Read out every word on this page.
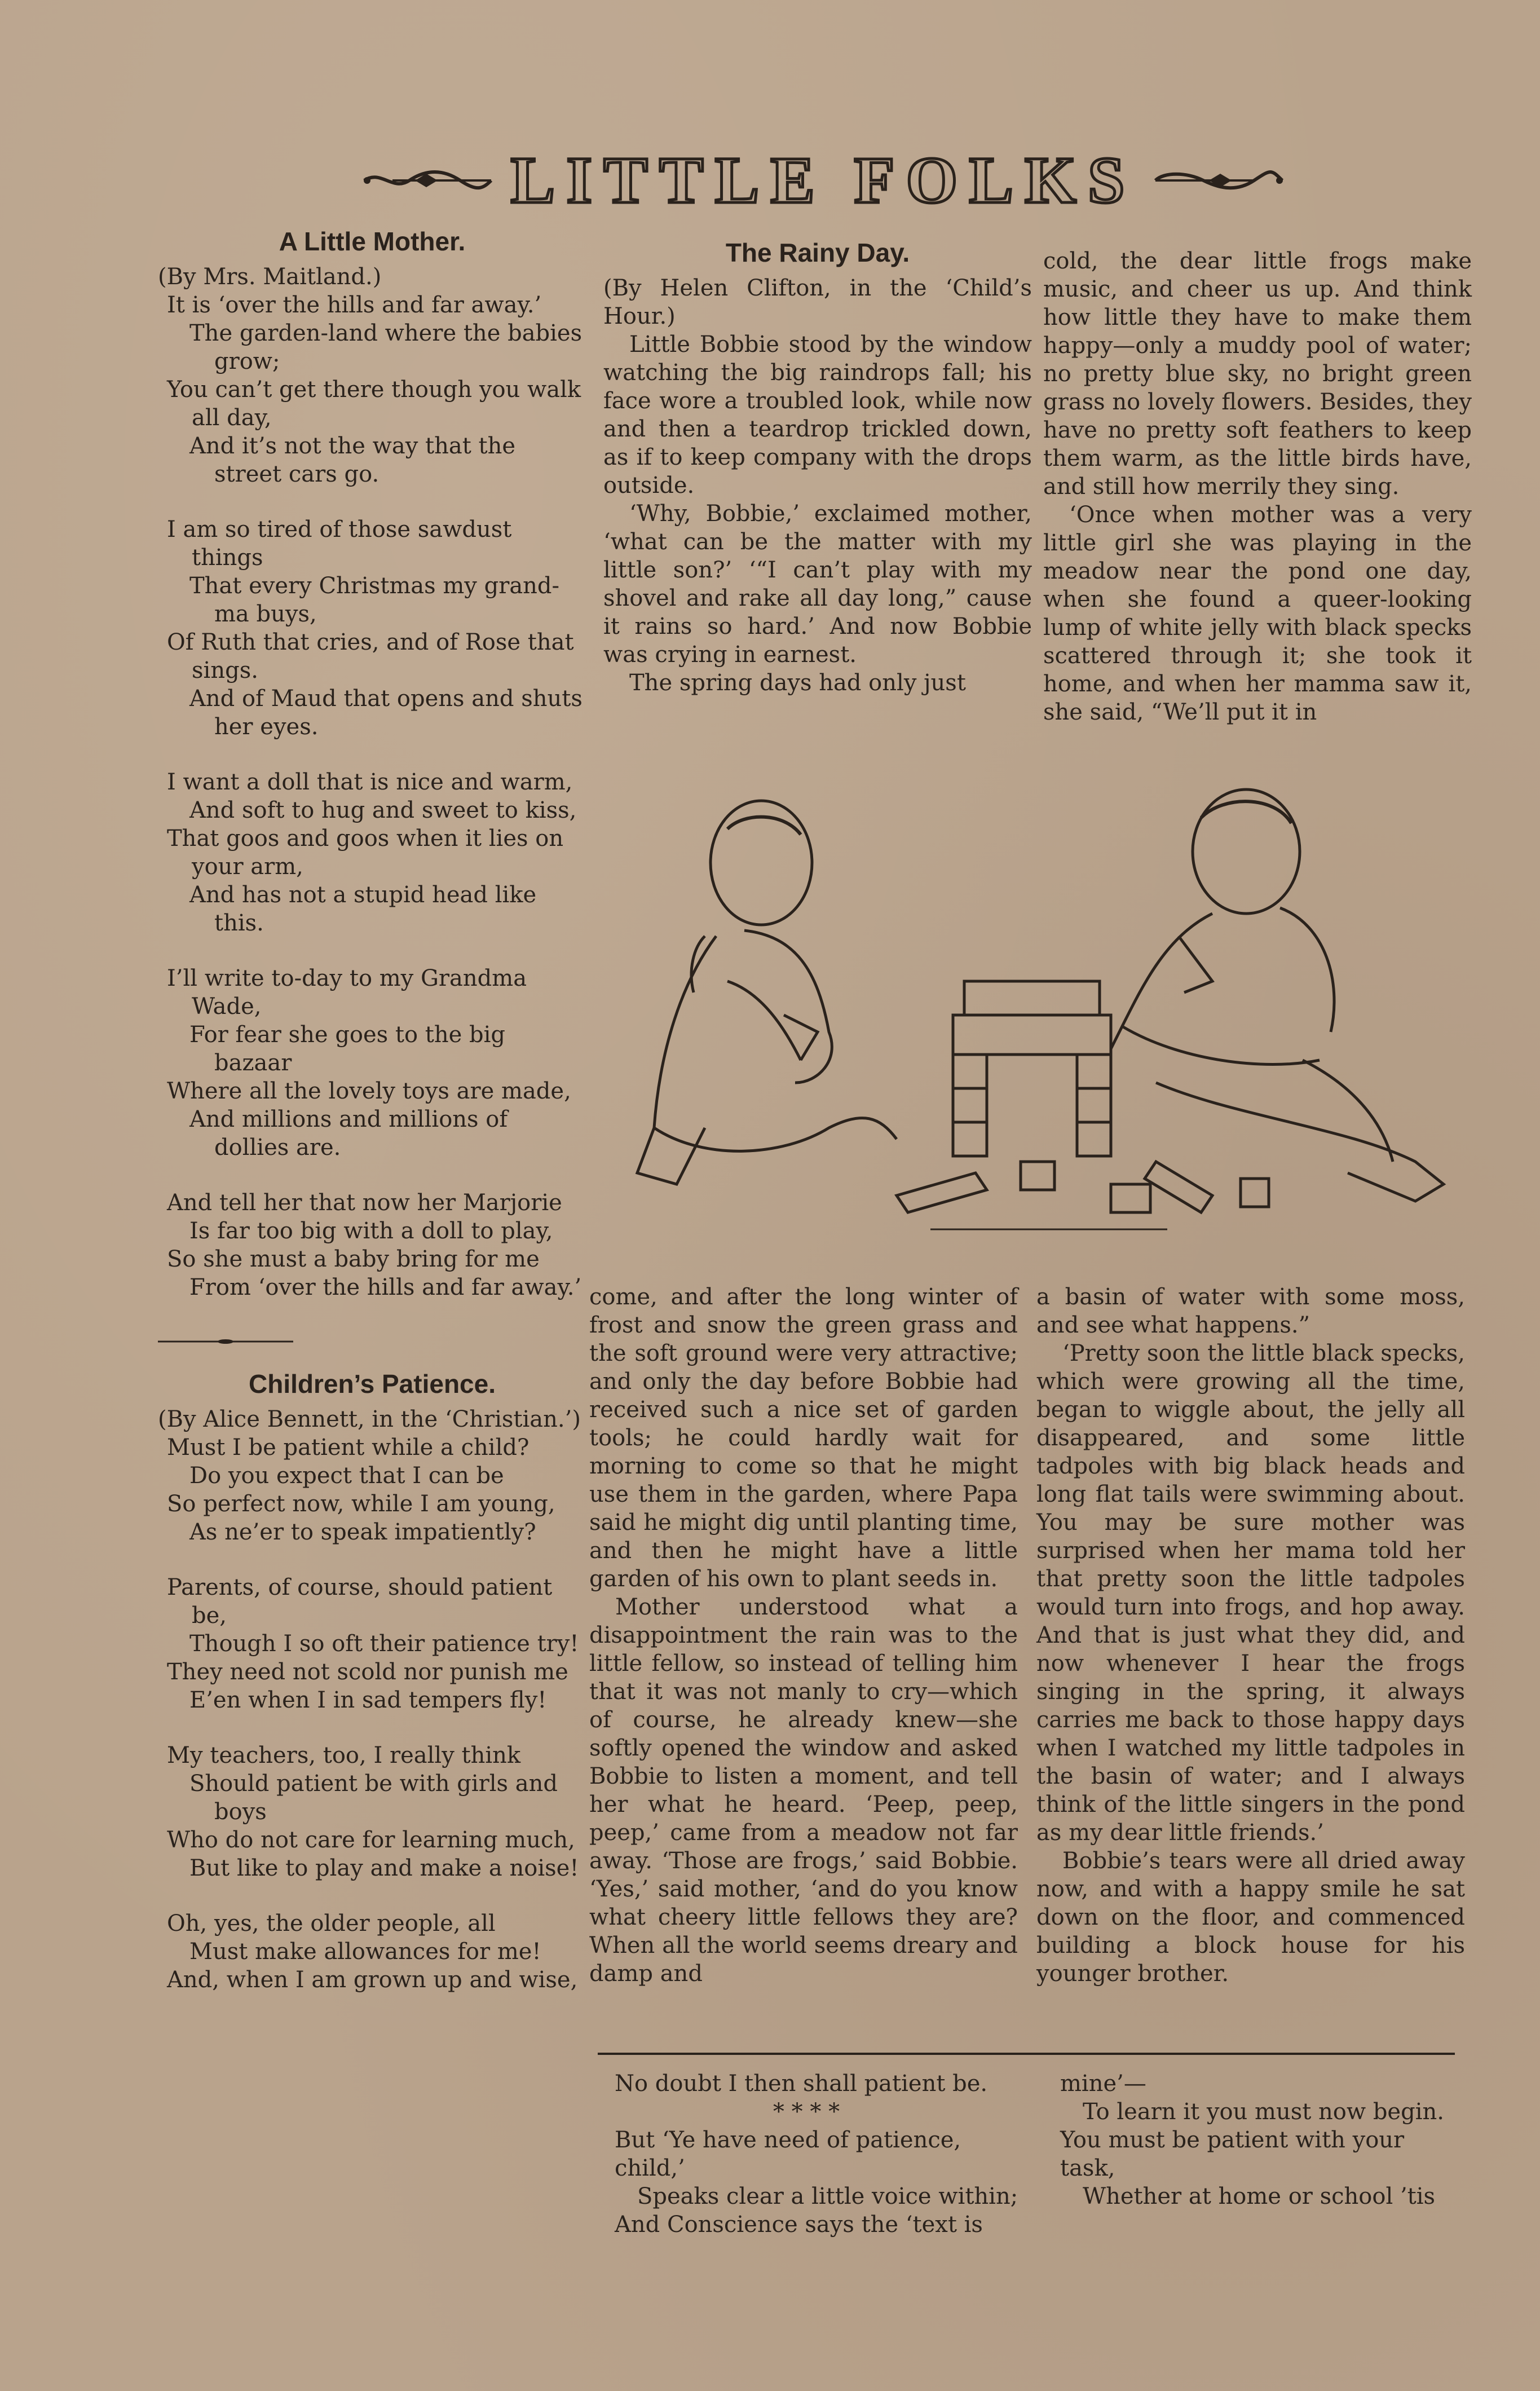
LITTLE FOLKS
A Little Mother.

(By Mrs. Maitland.)

It is ‘over the hills and far away.’
The garden-land where the babies grow;
You can’t get there though you walk all day,
And it’s not the way that the street cars go.
I am so tired of those sawdust things
That every Christmas my grand-ma buys,
Of Ruth that cries, and of Rose that sings.
And of Maud that opens and shuts her eyes.
I want a doll that is nice and warm,
And soft to hug and sweet to kiss,
That goos and goos when it lies on your arm,
And has not a stupid head like this.
I’ll write to-day to my Grandma Wade,
For fear she goes to the big bazaar
Where all the lovely toys are made,
And millions and millions of dollies are.
And tell her that now her Marjorie
Is far too big with a doll to play,
So she must a baby bring for me
From ‘over the hills and far away.’
Children’s Patience.

(By Alice Bennett, in the ‘Christian.’)

Must I be patient while a child?
Do you expect that I can be
So perfect now, while I am young,
As ne’er to speak impatiently?
Parents, of course, should patient be,
Though I so oft their patience try!
They need not scold nor punish me
E’en when I in sad tempers fly!
My teachers, too, I really think
Should patient be with girls and boys
Who do not care for learning much,
But like to play and make a noise!
Oh, yes, the older people, all
Must make allowances for me!
And, when I am grown up and wise,
The Rainy Day.

(By Helen Clifton, in the ‘Child’s Hour.)

Little Bobbie stood by the window watching the big raindrops fall; his face wore a troubled look, while now and then a teardrop trickled down, as if to keep company with the drops outside.

‘Why, Bobbie,’ exclaimed mother, ‘what can be the matter with my little son?’ ‘“I can’t play with my shovel and rake all day long,” cause it rains so hard.’ And now Bobbie was crying in earnest.

The spring days had only just

cold, the dear little frogs make music, and cheer us up. And think how little they have to make them happy—only a muddy pool of water; no pretty blue sky, no bright green grass no lovely flowers. Besides, they have no pretty soft feathers to keep them warm, as the little birds have, and still how merrily they sing.

‘Once when mother was a very little girl she was playing in the meadow near the pond one day, when she found a queer-looking lump of white jelly with black specks scattered through it; she took it home, and when her mamma saw it, she said, “We’ll put it in

come, and after the long winter of frost and snow the green grass and the soft ground were very attractive; and only the day before Bobbie had received such a nice set of garden tools; he could hardly wait for morning to come so that he might use them in the garden, where Papa said he might dig until planting time, and then he might have a little garden of his own to plant seeds in.

Mother understood what a disappointment the rain was to the little fellow, so instead of telling him that it was not manly to cry—which of course, he already knew—she softly opened the window and asked Bobbie to listen a moment, and tell her what he heard. ‘Peep, peep, peep,’ came from a meadow not far away. ‘Those are frogs,’ said Bobbie. ‘Yes,’ said mother, ‘and do you know what cheery little fellows they are? When all the world seems dreary and damp and

a basin of water with some moss, and see what happens.”

‘Pretty soon the little black specks, which were growing all the time, began to wiggle about, the jelly all disappeared, and some little tadpoles with big black heads and long flat tails were swimming about. You may be sure mother was surprised when her mama told her that pretty soon the little tadpoles would turn into frogs, and hop away. And that is just what they did, and now whenever I hear the frogs singing in the spring, it always carries me back to those happy days when I watched my little tadpoles in the basin of water; and I always think of the little singers in the pond as my dear little friends.’

Bobbie’s tears were all dried away now, and with a happy smile he sat down on the floor, and commenced building a block house for his younger brother.

No doubt I then shall patient be.
* * * *
But ‘Ye have need of patience, child,’
Speaks clear a little voice within;
And Conscience says the ‘text is
mine’—
To learn it you must now begin.
You must be patient with your task,
Whether at home or school ’tis
